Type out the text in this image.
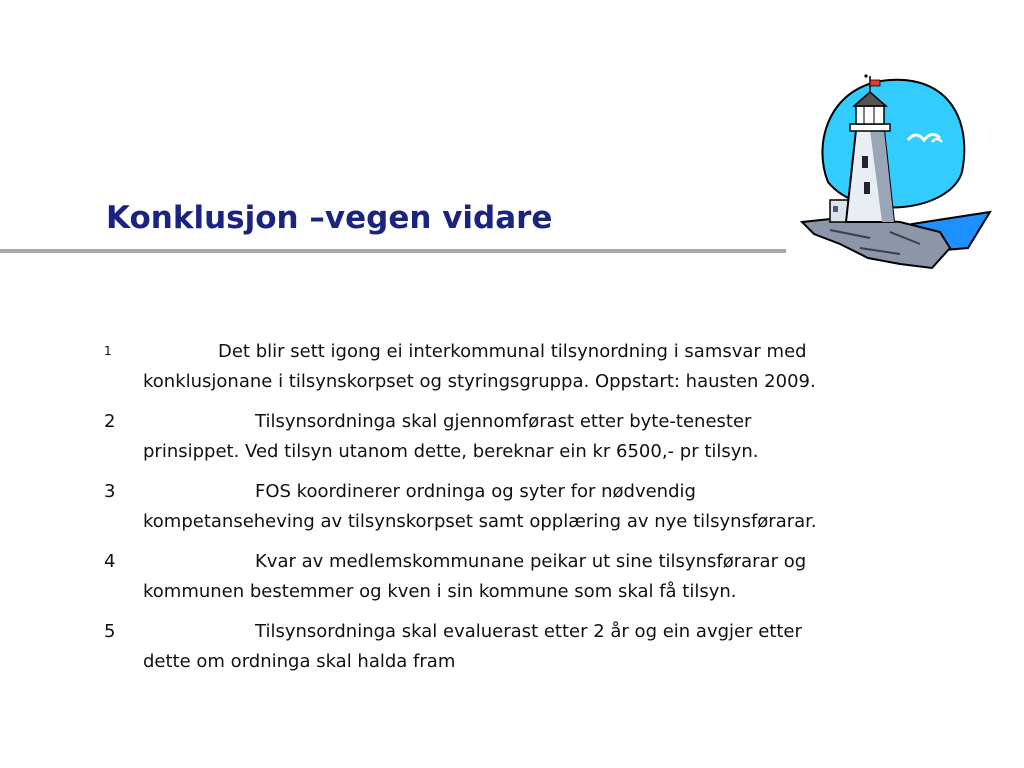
Konklusjon –vegen vidare
1	Det blir sett igong ei interkommunal tilsynordning i samsvar med
konklusjonane i tilsynskorpset og styringsgruppa. Oppstart: hausten 2009.
2	Tilsynsordninga skal gjennomførast etter byte-tenester
prinsippet. Ved tilsyn utanom dette, bereknar ein kr 6500,- pr tilsyn.
3	FOS koordinerer ordninga og syter for nødvendig
kompetanseheving av tilsynskorpset samt opplæring av nye tilsynsførarar.
4	Kvar av medlemskommunane peikar ut sine tilsynsførarar og
kommunen bestemmer og kven i sin kommune som skal få tilsyn.
5	Tilsynsordninga skal evaluerast etter 2 år og ein avgjer etter
dette om ordninga skal halda fram
